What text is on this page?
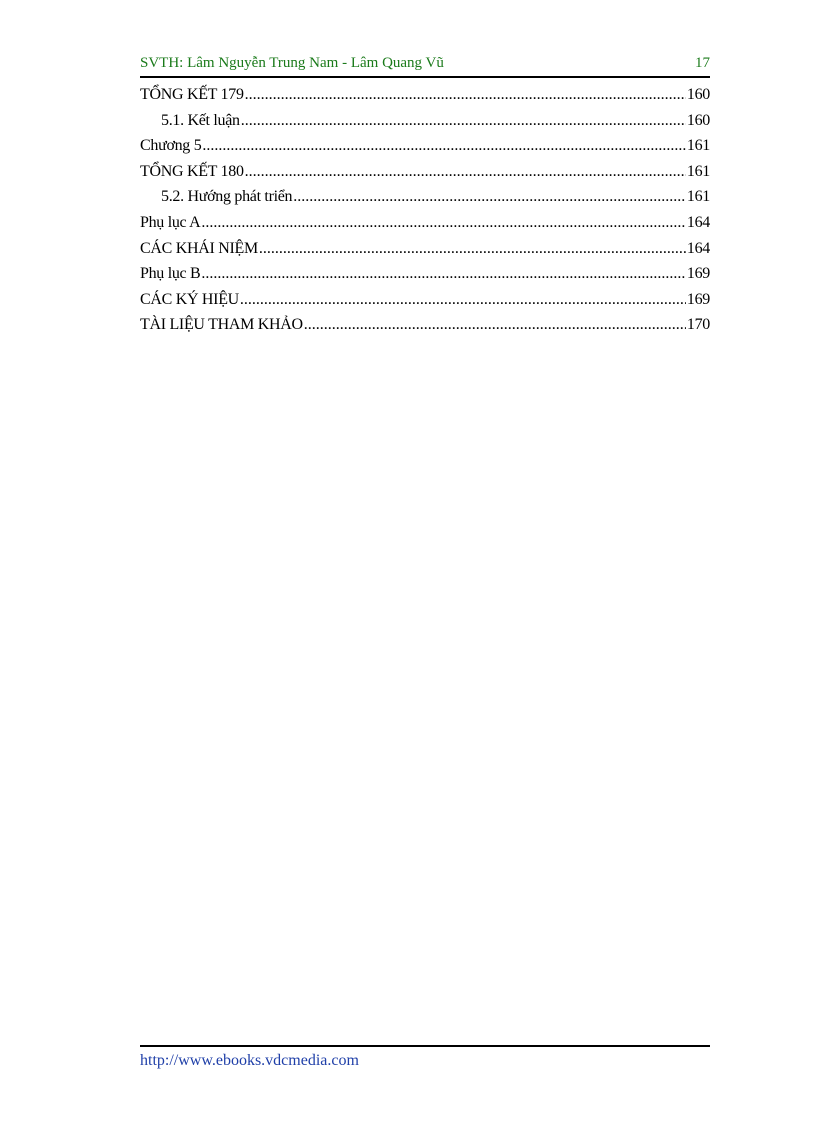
SVTH: Lâm Nguyễn Trung Nam - Lâm Quang Vũ	17
TỔNG KẾT 179 .....	160
5.1. Kết luận .....	160
Chương 5 .....	161
TỔNG KẾT 180 .....	161
5.2. Hướng phát triển .....	161
Phụ lục A .....	164
CÁC KHÁI NIỆM .....	164
Phụ lục B .....	169
CÁC KÝ HIỆU .....	169
TÀI LIỆU THAM KHẢO .....	170
http://www.ebooks.vdcmedia.com
